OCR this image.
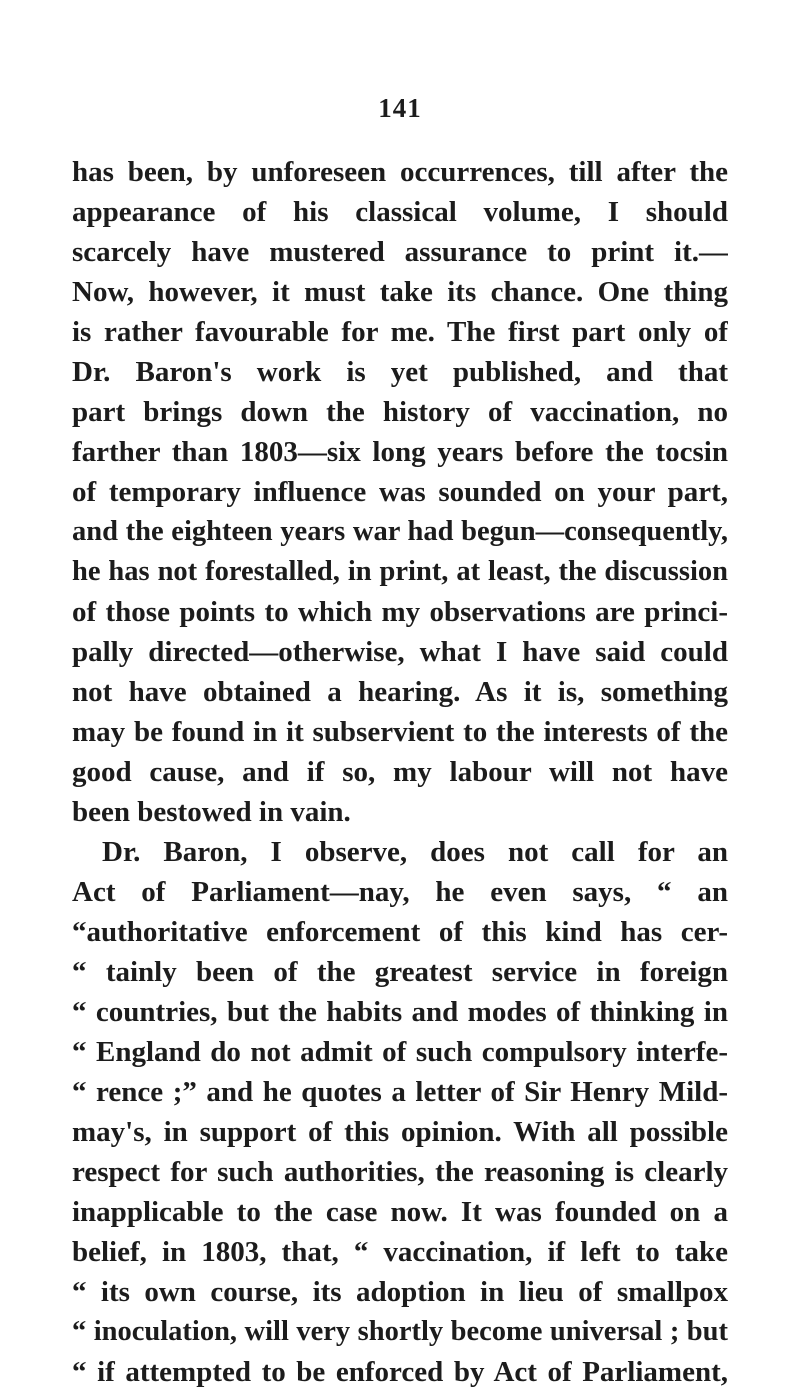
141
has been, by unforeseen occurrences, till after the
appearance of his classical volume, I should
scarcely have mustered assurance to print it.—
Now, however, it must take its chance. One thing
is rather favourable for me. The first part only of
Dr. Baron's work is yet published, and that
part brings down the history of vaccination, no
farther than 1803—six long years before the tocsin
of temporary influence was sounded on your part,
and the eighteen years war had begun—consequently,
he has not forestalled, in print, at least, the discussion
of those points to which my observations are princi-
pally directed—otherwise, what I have said could
not have obtained a hearing. As it is, something
may be found in it subservient to the interests of the
good cause, and if so, my labour will not have
been bestowed in vain.
Dr. Baron, I observe, does not call for an
Act of Parliament—nay, he even says, “ an
“authoritative enforcement of this kind has cer-
“ tainly been of the greatest service in foreign
“ countries, but the habits and modes of thinking in
“ England do not admit of such compulsory interfe-
“ rence ;” and he quotes a letter of Sir Henry Mild-
may's, in support of this opinion. With all possible
respect for such authorities, the reasoning is clearly
inapplicable to the case now. It was founded on a
belief, in 1803, that, “ vaccination, if left to take
“ its own course, its adoption in lieu of smallpox
“ inoculation, will very shortly become universal ; but
“ if attempted to be enforced by Act of Parliament,
